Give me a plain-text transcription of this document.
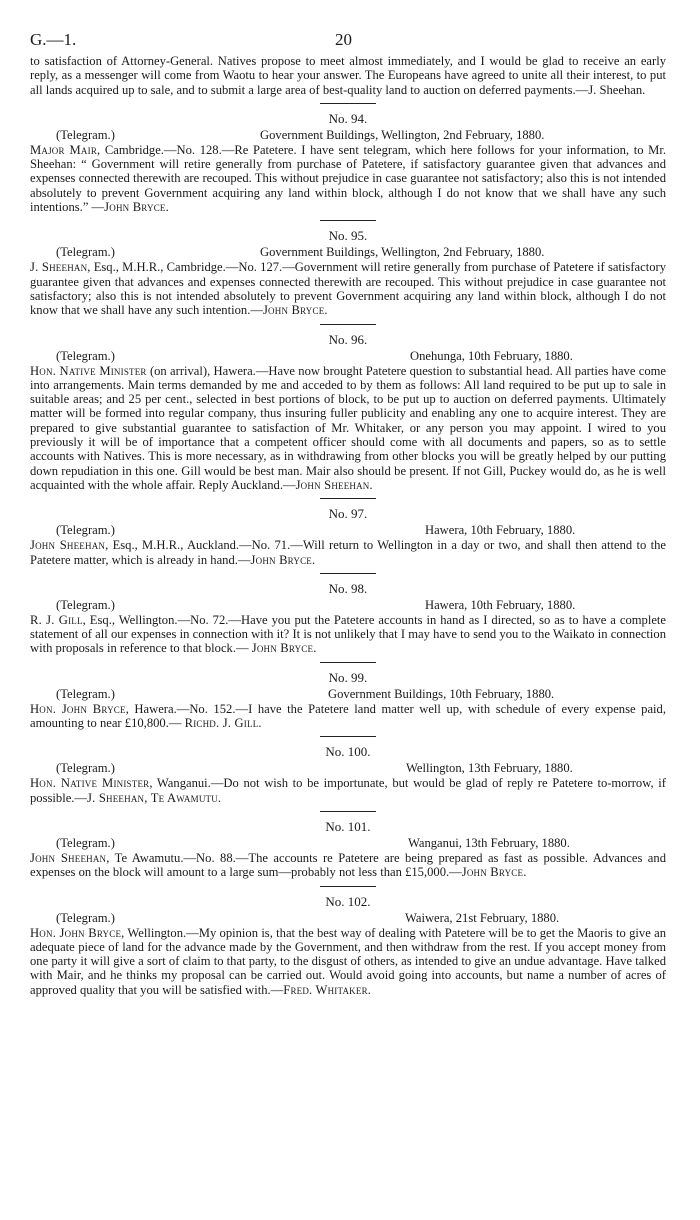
G.—1.	20

to satisfaction of Attorney-General. Natives propose to meet almost immediately, and I would be glad to receive an early reply, as a messenger will come from Waotu to hear your answer. The Europeans have agreed to unite all their interest, to put all lands acquired up to sale, and to submit a large area of best-quality land to auction on deferred payments.—J. Sheehan.

No. 94.
(Telegram.)	Government Buildings, Wellington, 2nd February, 1880.

Major Mair, Cambridge.—No. 128.—Re Patetere. I have sent telegram, which here follows for your information, to Mr. Sheehan: “ Government will retire generally from purchase of Patetere, if satisfactory guarantee given that advances and expenses connected therewith are recouped. This without prejudice in case guarantee not satisfactory; also this is not intended absolutely to prevent Government acquiring any land within block, although I do not know that we shall have any such intentions.” —John Bryce.

No. 95.
(Telegram.)	Government Buildings, Wellington, 2nd February, 1880.

J. Sheehan, Esq., M.H.R., Cambridge.—No. 127.—Government will retire generally from purchase of Patetere if satisfactory guarantee given that advances and expenses connected therewith are recouped. This without prejudice in case guarantee not satisfactory; also this is not intended absolutely to prevent Government acquiring any land within block, although I do not know that we shall have any such intention.—John Bryce.

No. 96.
(Telegram.)	Onehunga, 10th February, 1880.

Hon. Native Minister (on arrival), Hawera.—Have now brought Patetere question to substantial head. All parties have come into arrangements. Main terms demanded by me and acceded to by them as follows: All land required to be put up to sale in suitable areas; and 25 per cent., selected in best portions of block, to be put up to auction on deferred payments. Ultimately matter will be formed into regular company, thus insuring fuller publicity and enabling any one to acquire interest. They are prepared to give substantial guarantee to satisfaction of Mr. Whitaker, or any person you may appoint. I wired to you previously it will be of importance that a competent officer should come with all documents and papers, so as to settle accounts with Natives. This is more necessary, as in withdrawing from other blocks you will be greatly helped by our putting down repudiation in this one. Gill would be best man. Mair also should be present. If not Gill, Puckey would do, as he is well acquainted with the whole affair. Reply Auckland.—John Sheehan.

No. 97.
(Telegram.)	Hawera, 10th February, 1880.

John Sheehan, Esq., M.H.R., Auckland.—No. 71.—Will return to Wellington in a day or two, and shall then attend to the Patetere matter, which is already in hand.—John Bryce.

No. 98.
(Telegram.)	Hawera, 10th February, 1880.

R. J. Gill, Esq., Wellington.—No. 72.—Have you put the Patetere accounts in hand as I directed, so as to have a complete statement of all our expenses in connection with it? It is not unlikely that I may have to send you to the Waikato in connection with proposals in reference to that block.— John Bryce.

No. 99.
(Telegram.)	Government Buildings, 10th February, 1880.

Hon. John Bryce, Hawera.—No. 152.—I have the Patetere land matter well up, with schedule of every expense paid, amounting to near £10,800.— Richd. J. Gill.

No. 100.
(Telegram.)	Wellington, 13th February, 1880.

Hon. Native Minister, Wanganui.—Do not wish to be importunate, but would be glad of reply re Patetere to-morrow, if possible.—J. Sheehan, Te Awamutu.

No. 101.
(Telegram.)	Wanganui, 13th February, 1880.

John Sheehan, Te Awamutu.—No. 88.—The accounts re Patetere are being prepared as fast as possible. Advances and expenses on the block will amount to a large sum—probably not less than £15,000.—John Bryce.

No. 102.
(Telegram.)	Waiwera, 21st February, 1880.

Hon. John Bryce, Wellington.—My opinion is, that the best way of dealing with Patetere will be to get the Maoris to give an adequate piece of land for the advance made by the Government, and then withdraw from the rest. If you accept money from one party it will give a sort of claim to that party, to the disgust of others, as intended to give an undue advantage. Have talked with Mair, and he thinks my proposal can be carried out. Would avoid going into accounts, but name a number of acres of approved quality that you will be satisfied with.—Fred. Whitaker.
